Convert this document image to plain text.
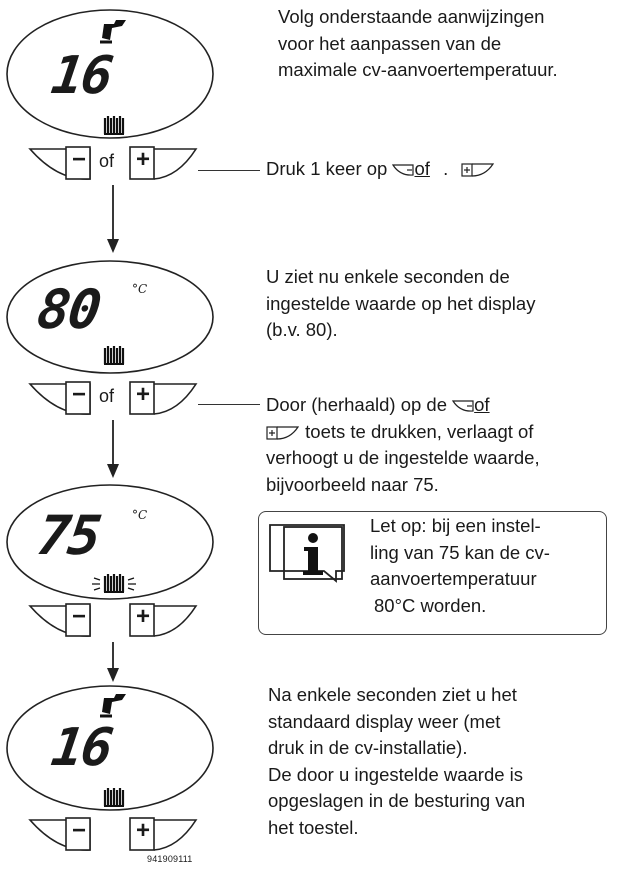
16
− of +
80 °C
− of +
75 °C
− +
16
− +
941909111
Volg onderstaande aanwijzingen
voor het aanpassen van de
maximale cv-aanvoertemperatuur.
Druk 1 keer op of .
U ziet nu enkele seconden de
ingestelde waarde op het display
(b.v. 80).
Door (herhaald) op de of
toets te drukken, verlaagt of
verhoogt u de ingestelde waarde,
bijvoorbeeld naar 75.
Let op: bij een instel-
ling van 75 kan de cv-
aanvoertemperatuur
80°C worden.
Na enkele seconden ziet u het
standaard display weer (met
druk in de cv-installatie).
De door u ingestelde waarde is
opgeslagen in de besturing van
het toestel.
